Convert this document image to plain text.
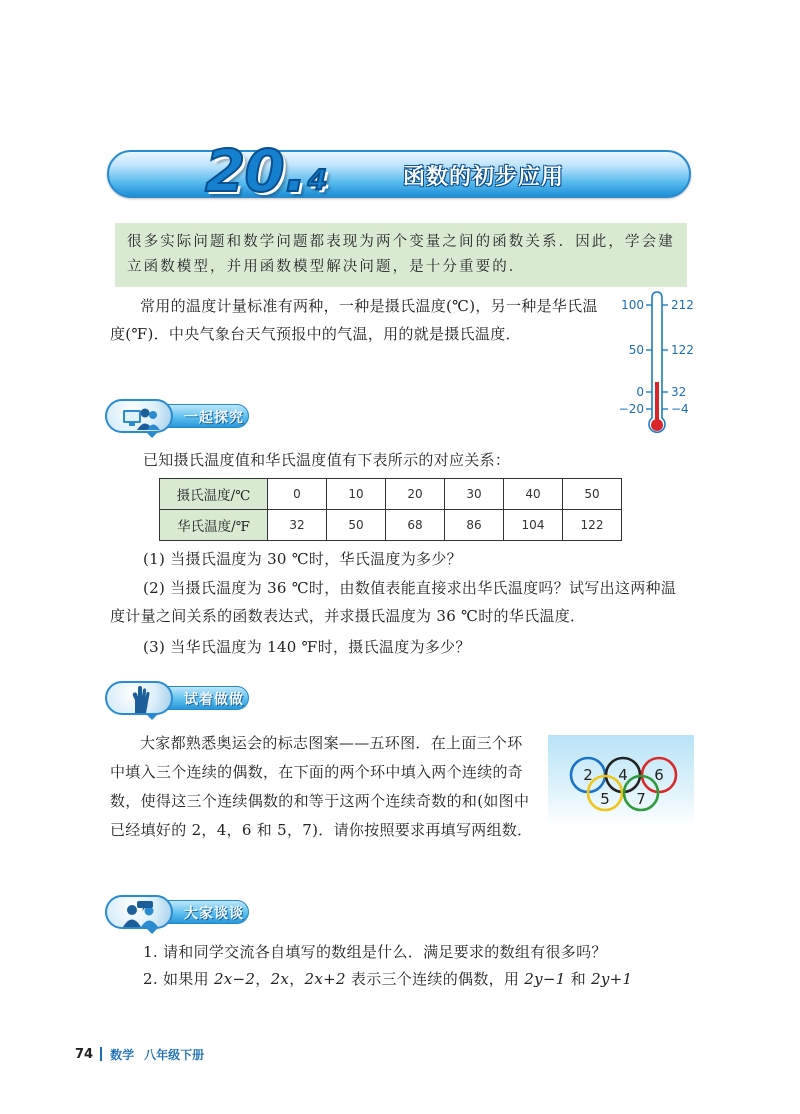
20 . 4	函数的初步应用
很多实际问题和数学问题都表现为两个变量之间的函数关系．因此，学会建立函数模型，并用函数模型解决问题，是十分重要的．
常用的温度计量标准有两种，一种是摄氏温度(℃)，另一种是华氏温度(℉)．中央气象台天气预报中的气温，用的就是摄氏温度．
100
50
0
−20
212
122
32
−4
一起探究
已知摄氏温度值和华氏温度值有下表所示的对应关系：
摄氏温度/℃	0	10	20	30	40	50
华氏温度/℉	32	50	68	86	104	122
(1) 当摄氏温度为 30 ℃时，华氏温度为多少？
(2) 当摄氏温度为 36 ℃时，由数值表能直接求出华氏温度吗？试写出这两种温度计量之间关系的函数表达式，并求摄氏温度为 36 ℃时的华氏温度．
(3) 当华氏温度为 140 ℉时，摄氏温度为多少？
试着做做
大家都熟悉奥运会的标志图案——五环图．在上面三个环中填入三个连续的偶数，在下面的两个环中填入两个连续的奇数，使得这三个连续偶数的和等于这两个连续奇数的和(如图中已经填好的 2，4，6 和 5，7)．请你按照要求再填写两组数．
2 4 6
5 7
大家谈谈
1. 请和同学交流各自填写的数组是什么．满足要求的数组有很多吗？
2. 如果用 2x−2，2x，2x+2 表示三个连续的偶数，用 2y−1 和 2y+1
74 数学 八年级下册
